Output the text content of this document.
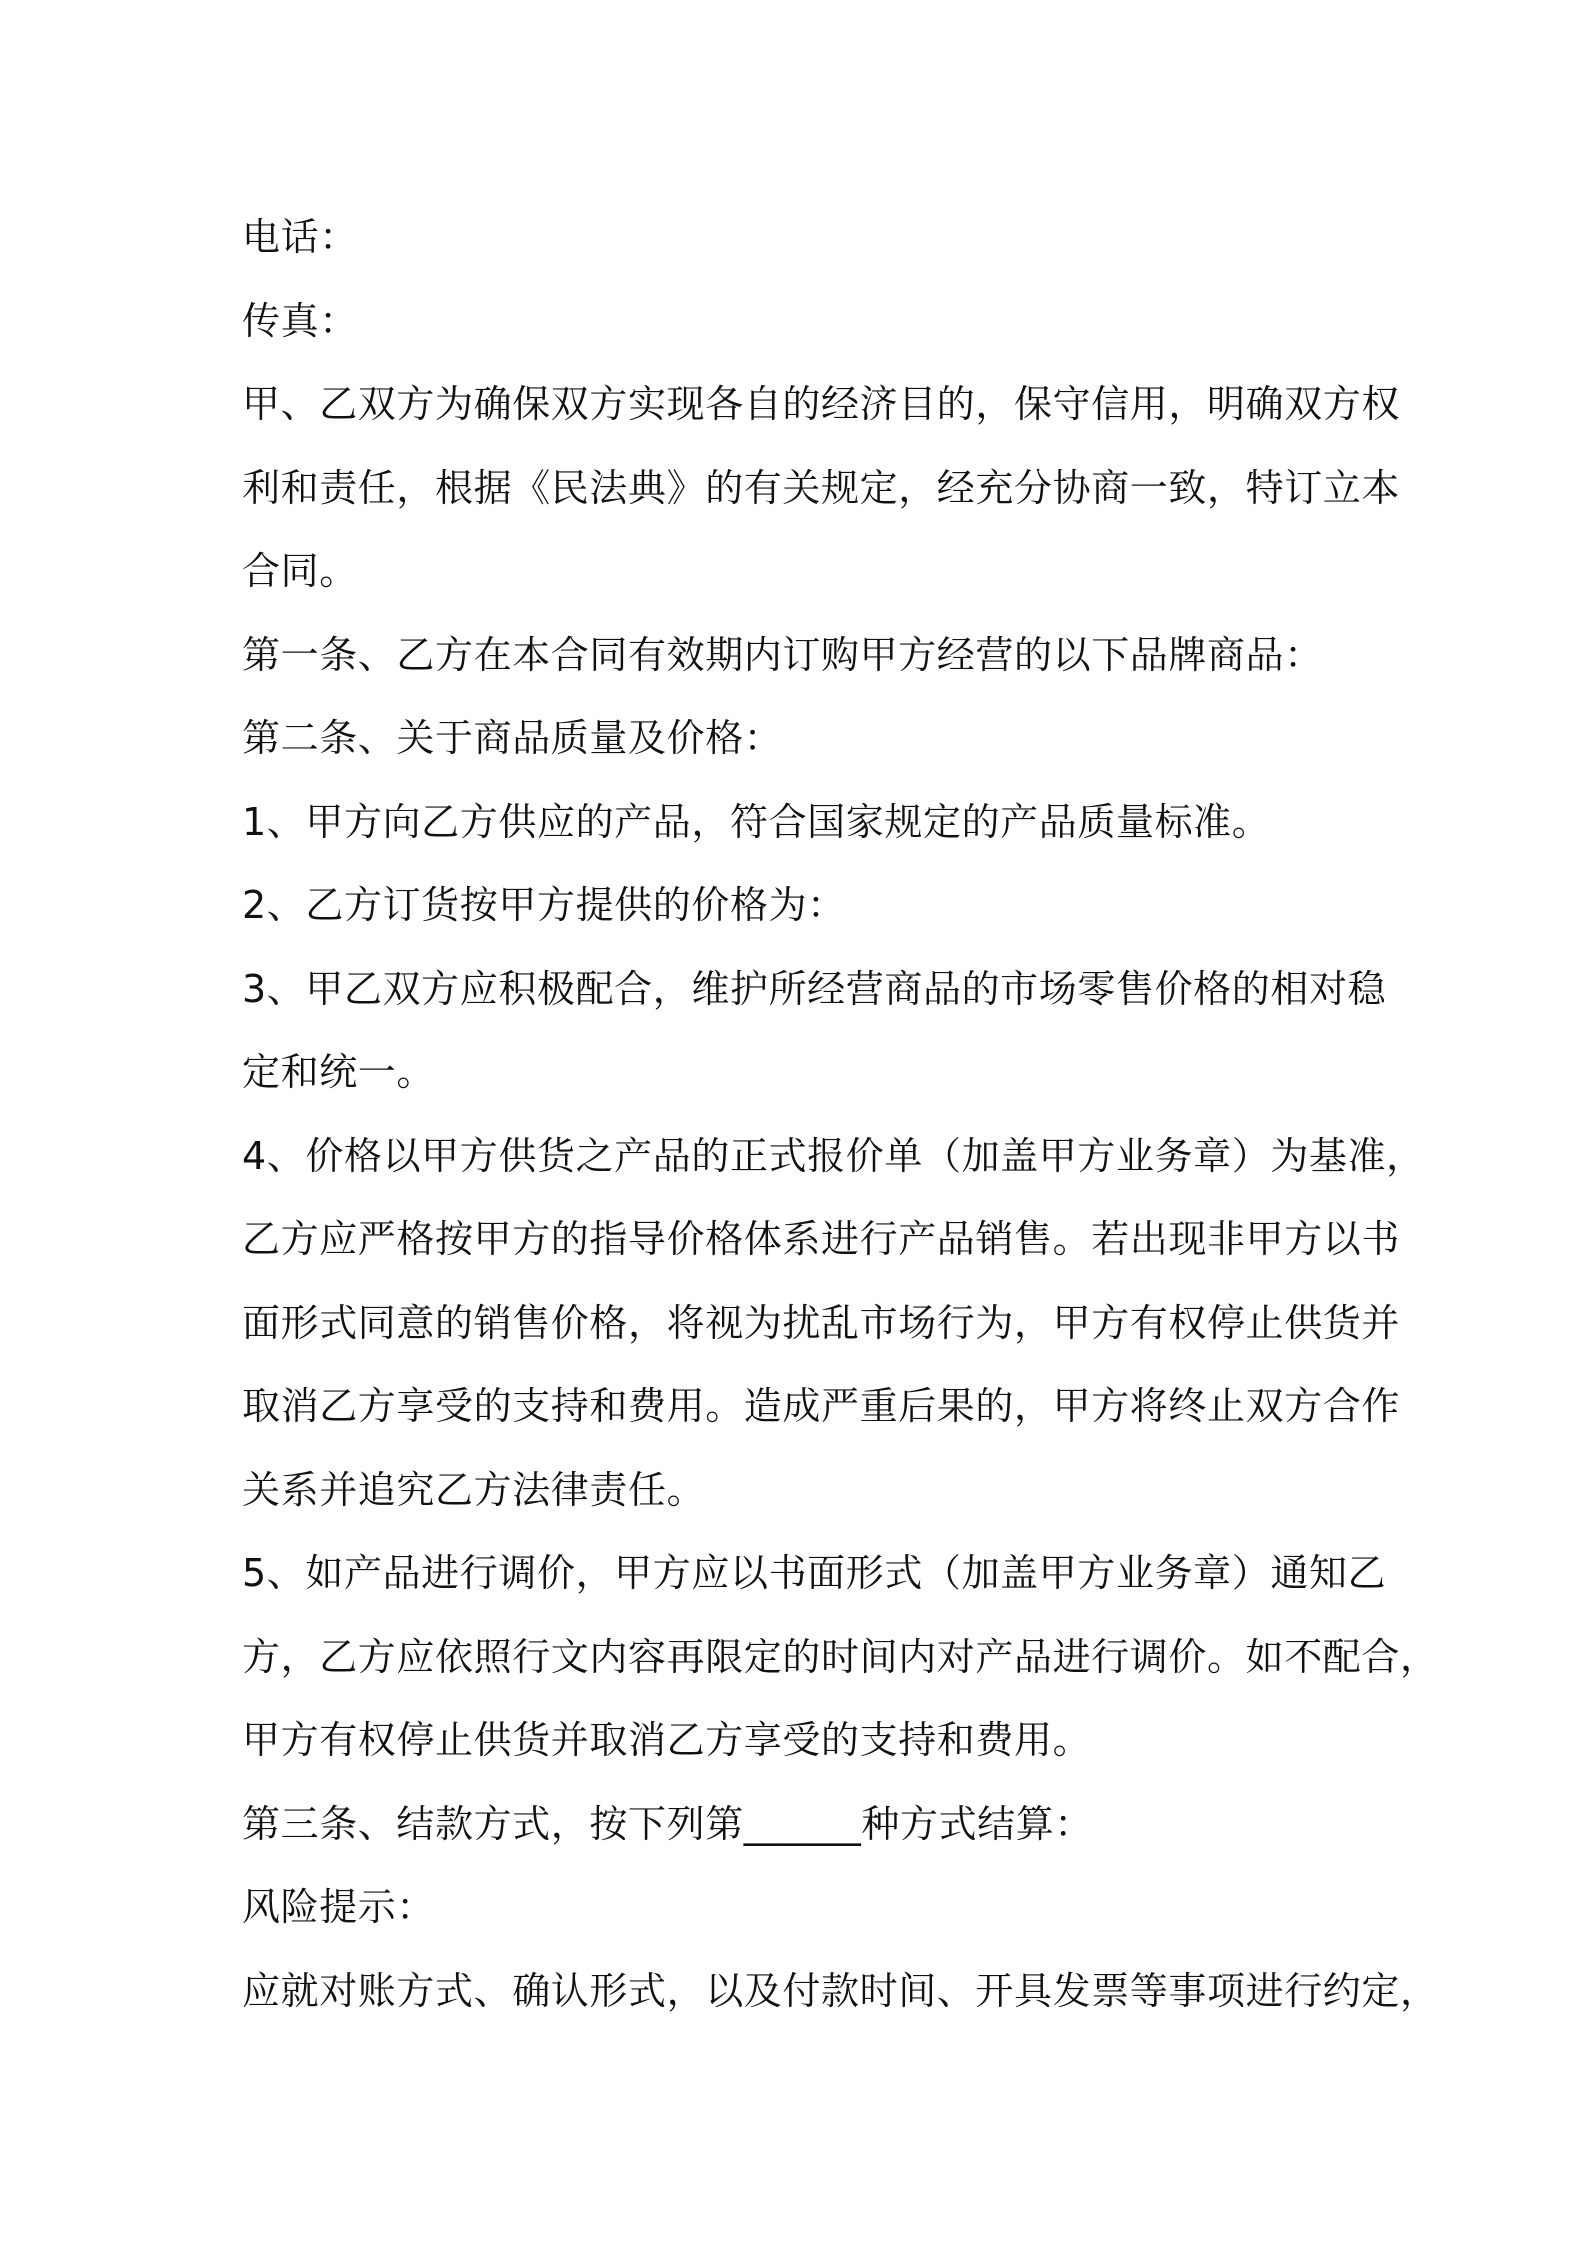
电话：
传真：
甲、乙双方为确保双方实现各自的经济目的，保守信用，明确双方权
利和责任，根据《民法典》的有关规定，经充分协商一致，特订立本
合同。
第一条、乙方在本合同有效期内订购甲方经营的以下品牌商品：
第二条、关于商品质量及价格：
1、甲方向乙方供应的产品，符合国家规定的产品质量标准。
2、乙方订货按甲方提供的价格为：
3、甲乙双方应积极配合，维护所经营商品的市场零售价格的相对稳
定和统一。
4、价格以甲方供货之产品的正式报价单（加盖甲方业务章）为基准，
乙方应严格按甲方的指导价格体系进行产品销售。若出现非甲方以书
面形式同意的销售价格，将视为扰乱市场行为，甲方有权停止供货并
取消乙方享受的支持和费用。造成严重后果的，甲方将终止双方合作
关系并追究乙方法律责任。
5、如产品进行调价，甲方应以书面形式（加盖甲方业务章）通知乙
方，乙方应依照行文内容再限定的时间内对产品进行调价。如不配合，
甲方有权停止供货并取消乙方享受的支持和费用。
第三条、结款方式，按下列第______种方式结算：
风险提示：
应就对账方式、确认形式，以及付款时间、开具发票等事项进行约定，
